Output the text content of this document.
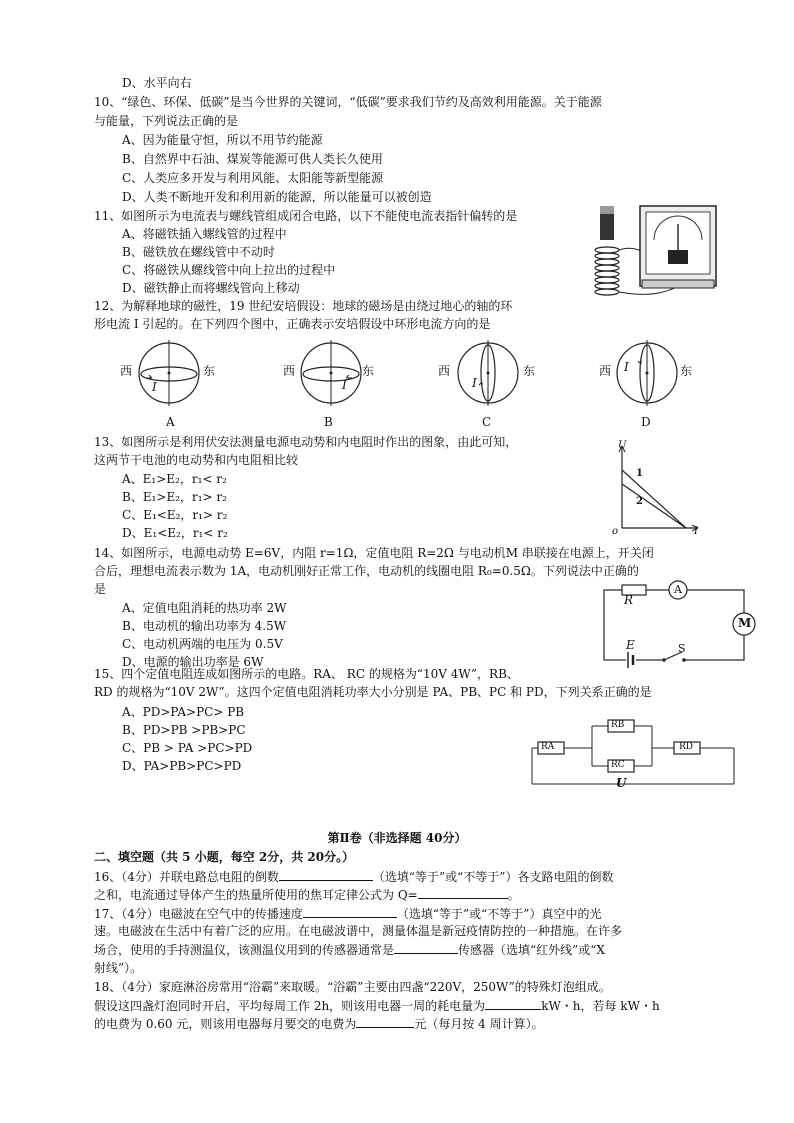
D、水平向右
10、“绿色、环保、低碳”是当今世界的关键词，“低碳”要求我们节约及高效利用能源。关于能源
与能量，下列说法正确的是
A、因为能量守恒，所以不用节约能源
B、自然界中石油、煤炭等能源可供人类长久使用
C、人类应多开发与利用风能、太阳能等新型能源
D、人类不断地开发和利用新的能源，所以能量可以被创造
11、如图所示为电流表与螺线管组成闭合电路，以下不能使电流表指针偏转的是
A、将磁铁插入螺线管的过程中
B、磁铁放在螺线管中不动时
C、将磁铁从螺线管中向上拉出的过程中
D、磁铁静止而将螺线管向上移动
12、为解释地球的磁性，19 世纪安培假设：地球的磁场是由绕过地心的轴的环
形电流 I 引起的。在下列四个图中，正确表示安培假设中环形电流方向的是
西	西	东	西	东	西	东
东
I	I	I
I
A	B	C	D
13、如图所示是利用伏安法测量电源电动势和内电阻时作出的图象，由此可知，
这两节干电池的电动势和内电阻相比较
A、E₁>E₂，r₁< r₂
B、E₁>E₂，r₁> r₂
C、E₁<E₂，r₁> r₂
D、E₁<E₂，r₁< r₂
U
o	I
1
2
14、如图所示，电源电动势 E=6V，内阻 r=1Ω，定值电阻 R=2Ω 与电动机M 串联接在电源上，开关闭
合后，理想电流表示数为 1A，电动机刚好正常工作，电动机的线圈电阻 R₀=0.5Ω。下列说法中正确的
是
A、定值电阻消耗的热功率 2W
B、电动机的输出功率为 4.5W
C、电动机两端的电压为 0.5V
D、电源的输出功率是 6W
R
A
M
E	S
15、四个定值电阻连成如图所示的电路。RA、 RC 的规格为“10V 4W”，RB、
RD 的规格为“10V 2W”。这四个定值电阻消耗功率大小分别是 PA、PB、PC 和 PD，下列关系正确的是
A、PD>PA>PC> PB
B、PD>PB >PB>PC
C、PB > PA >PC>PD
D、PA>PB>PC>PD
RA
RB
RC
RD
U
第Ⅱ卷（非选择题 40分）
二、填空题（共 5 小题，每空 2分，共 20分。）
16、（4分）并联电路总电阻的倒数	（选填“等于”或“不等于”）各支路电阻的倒数
之和，电流通过导体产生的热量所使用的焦耳定律公式为 Q=	。
17、（4分）电磁波在空气中的传播速度	（选填“等于”或“不等于”）真空中的光
速。电磁波在生活中有着广泛的应用。在电磁波谱中，测量体温是新冠疫情防控的一种措施。在许多
场合，使用的手持测温仪，该测温仪用到的传感器通常是	传感器（选填“红外线”或“X
射线”）。
18、（4分）家庭淋浴房常用“浴霸”来取暖。“浴霸”主要由四盏“220V，250W”的特殊灯泡组成。
假设这四盏灯泡同时开启，平均每周工作 2h，则该用电器一周的耗电量为	kW・h，若每 kW・h
的电费为 0.60 元，则该用电器每月要交的电费为	元（每月按 4 周计算）。
